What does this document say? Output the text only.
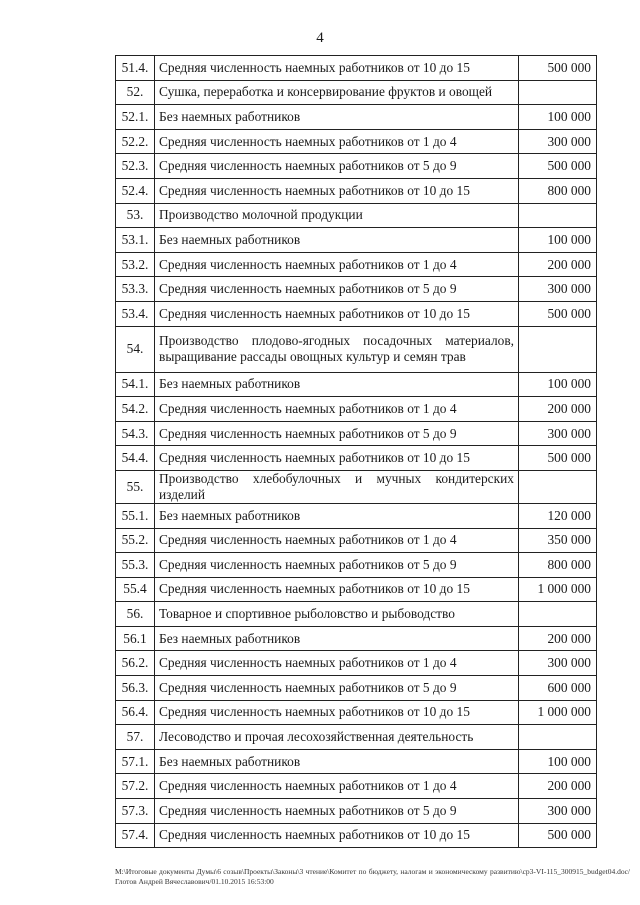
4
51.4.	Средняя численность наемных работников от 10 до 15	500 000
52.	Сушка, переработка и консервирование фруктов и овощей	
52.1.	Без наемных работников	100 000
52.2.	Средняя численность наемных работников от 1 до 4	300 000
52.3.	Средняя численность наемных работников от 5 до 9	500 000
52.4.	Средняя численность наемных работников от 10 до 15	800 000
53.	Производство молочной продукции	
53.1.	Без наемных работников	100 000
53.2.	Средняя численность наемных работников от 1 до 4	200 000
53.3.	Средняя численность наемных работников от 5 до 9	300 000
53.4.	Средняя численность наемных работников от 10 до 15	500 000
54.	Производство плодово-ягодных посадочных материалов, выращивание рассады овощных культур и семян трав	
54.1.	Без наемных работников	100 000
54.2.	Средняя численность наемных работников от 1 до 4	200 000
54.3.	Средняя численность наемных работников от 5 до 9	300 000
54.4.	Средняя численность наемных работников от 10 до 15	500 000
55.	Производство хлебобулочных и мучных кондитерских изделий	
55.1.	Без наемных работников	120 000
55.2.	Средняя численность наемных работников от 1 до 4	350 000
55.3.	Средняя численность наемных работников от 5 до 9	800 000
55.4	Средняя численность наемных работников от 10 до 15	1 000 000
56.	Товарное и спортивное рыболовство и рыбоводство	
56.1	Без наемных работников	200 000
56.2.	Средняя численность наемных работников от 1 до 4	300 000
56.3.	Средняя численность наемных работников от 5 до 9	600 000
56.4.	Средняя численность наемных работников от 10 до 15	1 000 000
57.	Лесоводство и прочая лесохозяйственная деятельность	
57.1.	Без наемных работников	100 000
57.2.	Средняя численность наемных работников от 1 до 4	200 000
57.3.	Средняя численность наемных работников от 5 до 9	300 000
57.4.	Средняя численность наемных работников от 10 до 15	500 000
M:\Итоговые документы Думы\6 созыв\Проекты\Законы\3 чтение\Комитет по бюджету, налогам и экономическому развитию\ср3-VI-115_300915_budget04.doc/Глотов Андрей Вячеславович/01.10.2015 16:53:00
